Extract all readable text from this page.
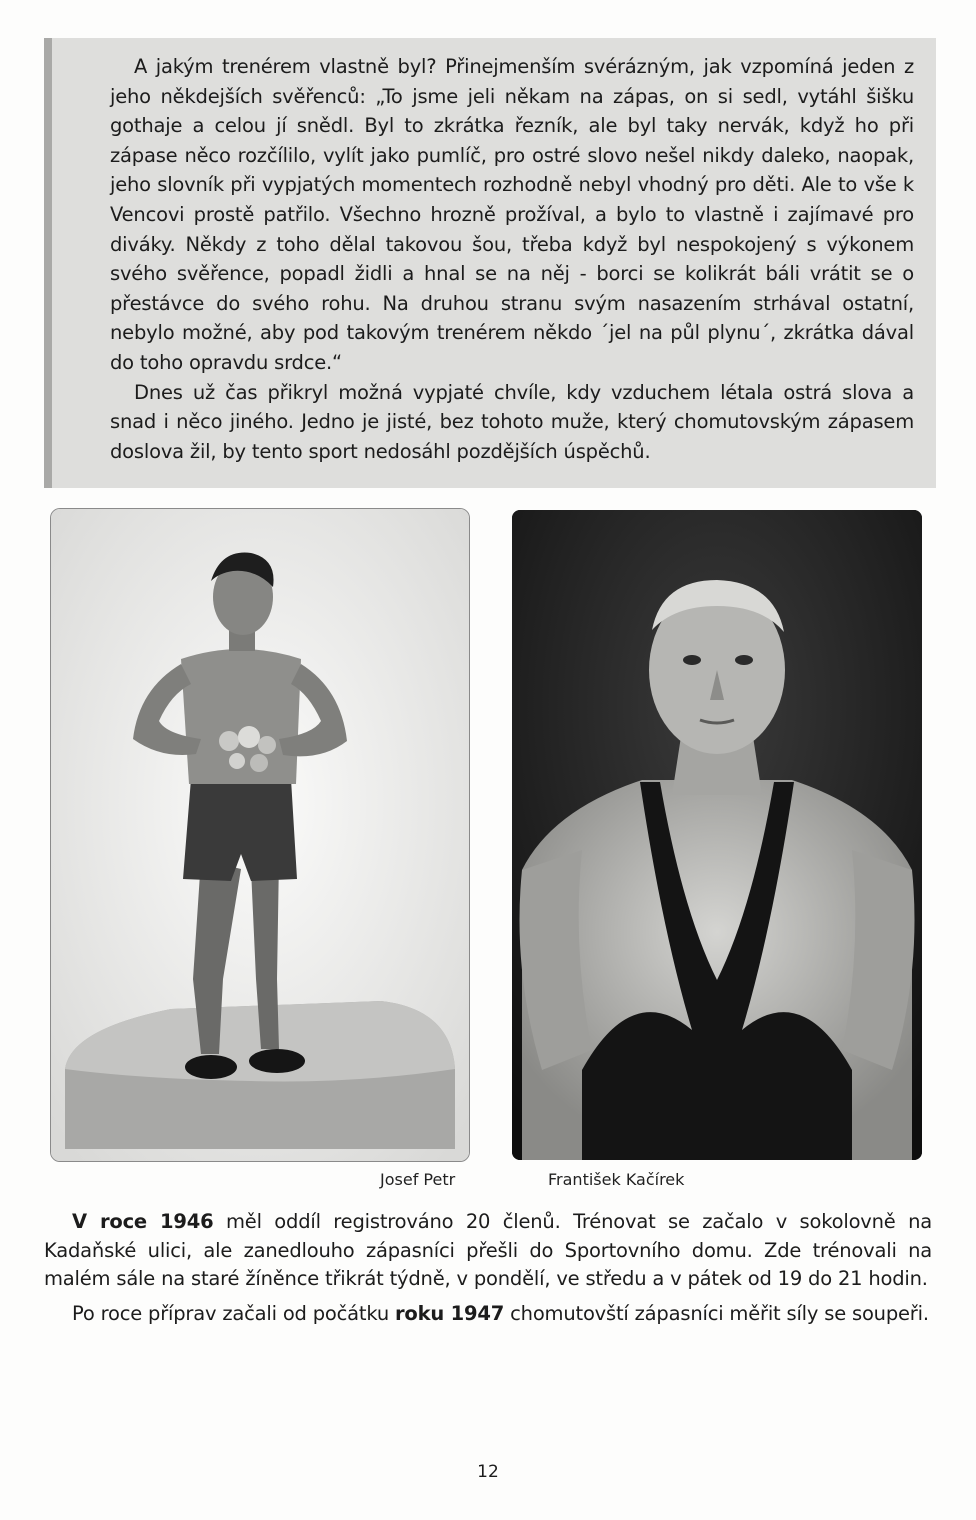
A jakým trenérem vlastně byl? Přinejmenším svérázným, jak vzpomíná jeden z jeho někdejších svěřenců: „To jsme jeli někam na zápas, on si sedl, vytáhl šišku gothaje a celou jí snědl. Byl to zkrátka řezník, ale byl taky nervák, když ho při zápase něco rozčílilo, vylít jako pumlíč, pro ostré slovo nešel nikdy daleko, naopak, jeho slovník při vypjatých momentech rozhodně nebyl vhodný pro děti. Ale to vše k Vencovi prostě patřilo. Všechno hrozně prožíval, a bylo to vlastně i zajímavé pro diváky. Někdy z toho dělal takovou šou, třeba když byl nespokojený s výkonem svého svěřence, popadl židli a hnal se na něj - borci se kolikrát báli vrátit se o přestávce do svého rohu. Na druhou stranu svým nasazením strhával ostatní, nebylo možné, aby pod takovým trenérem někdo ´jel na půl plynu´, zkrátka dával do toho opravdu srdce.“

Dnes už čas přikryl možná vypjaté chvíle, kdy vzduchem létala ostrá slova a snad i něco jiného. Jedno je jisté, bez tohoto muže, který chomutovským zápasem doslova žil, by tento sport nedosáhl pozdějších úspěchů.

Josef Petr	František Kačírek

V roce 1946 měl oddíl registrováno 20 členů. Trénovat se začalo v sokolovně na Kadaňské ulici, ale zanedlouho zápasníci přešli do Sportovního domu. Zde trénovali na malém sále na staré žíněnce třikrát týdně, v pondělí, ve středu a v pátek od 19 do 21 hodin.

Po roce příprav začali od počátku roku 1947 chomutovští zápasníci měřit síly se soupeři.

12
